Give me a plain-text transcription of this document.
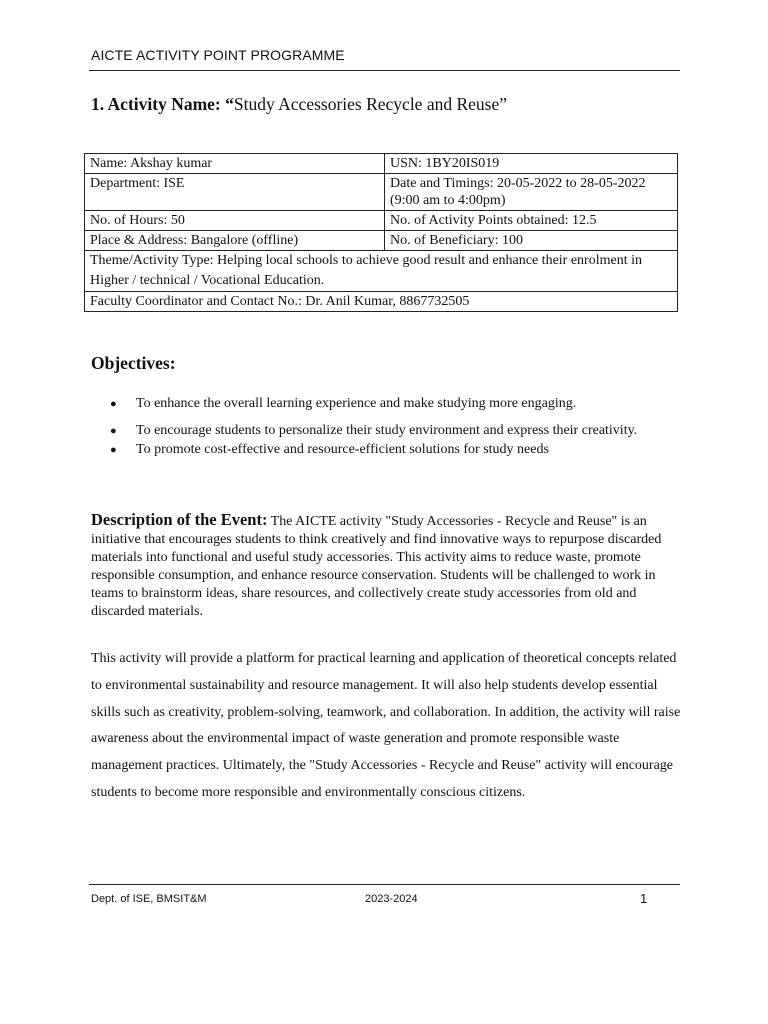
AICTE ACTIVITY POINT PROGRAMME
1. Activity Name: “Study Accessories Recycle and Reuse”
Name: Akshay kumar	USN: 1BY20IS019
Department: ISE	Date and Timings: 20-05-2022 to 28-05-2022 (9:00 am to 4:00pm)
No. of Hours: 50	No. of Activity Points obtained: 12.5
Place & Address: Bangalore (offline)	No. of Beneficiary: 100
Theme/Activity Type: Helping local schools to achieve good result and enhance their enrolment in Higher / technical / Vocational Education.	
Faculty Coordinator and Contact No.: Dr. Anil Kumar, 8867732505	
Objectives:
● To enhance the overall learning experience and make studying more engaging.
● To encourage students to personalize their study environment and express their creativity.
● To promote cost-effective and resource-efficient solutions for study needs
Description of the Event: The AICTE activity "Study Accessories - Recycle and Reuse" is an initiative that encourages students to think creatively and find innovative ways to repurpose discarded materials into functional and useful study accessories. This activity aims to reduce waste, promote responsible consumption, and enhance resource conservation. Students will be challenged to work in teams to brainstorm ideas, share resources, and collectively create study accessories from old and discarded materials.
This activity will provide a platform for practical learning and application of theoretical concepts related to environmental sustainability and resource management. It will also help students develop essential skills such as creativity, problem-solving, teamwork, and collaboration. In addition, the activity will raise awareness about the environmental impact of waste generation and promote responsible waste management practices. Ultimately, the "Study Accessories - Recycle and Reuse" activity will encourage students to become more responsible and environmentally conscious citizens.
Dept. of ISE, BMSIT&M	2023-2024	1
